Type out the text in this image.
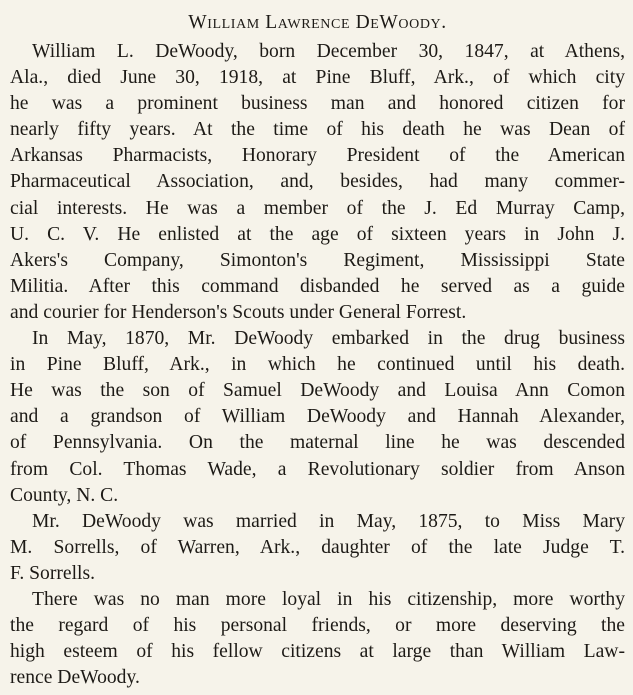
William Lawrence DeWoody.
William L. DeWoody, born December 30, 1847, at Athens,
Ala., died June 30, 1918, at Pine Bluff, Ark., of which city
he was a prominent business man and honored citizen for
nearly fifty years. At the time of his death he was Dean of
Arkansas Pharmacists, Honorary President of the American
Pharmaceutical Association, and, besides, had many commer-
cial interests. He was a member of the J. Ed Murray Camp,
U. C. V. He enlisted at the age of sixteen years in John J.
Akers's Company, Simonton's Regiment, Mississippi State
Militia. After this command disbanded he served as a guide
and courier for Henderson's Scouts under General Forrest.
In May, 1870, Mr. DeWoody embarked in the drug business
in Pine Bluff, Ark., in which he continued until his death.
He was the son of Samuel DeWoody and Louisa Ann Comon
and a grandson of William DeWoody and Hannah Alexander,
of Pennsylvania. On the maternal line he was descended
from Col. Thomas Wade, a Revolutionary soldier from Anson
County, N. C.
Mr. DeWoody was married in May, 1875, to Miss Mary
M. Sorrells, of Warren, Ark., daughter of the late Judge T.
F. Sorrells.
There was no man more loyal in his citizenship, more worthy
the regard of his personal friends, or more deserving the
high esteem of his fellow citizens at large than William Law-
rence DeWoody.
